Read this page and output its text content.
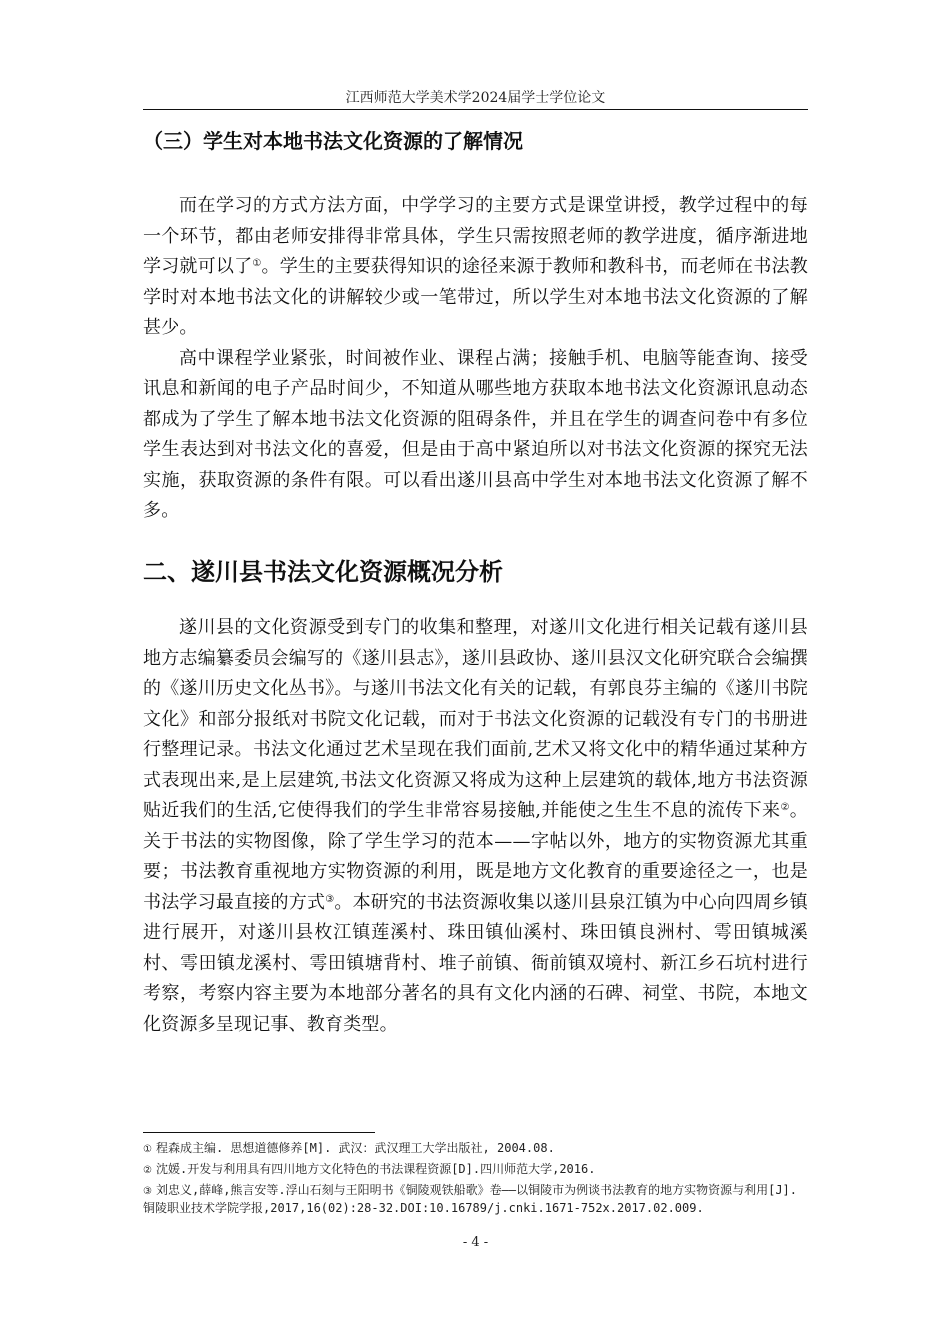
江西师范大学美术学2024届学士学位论文
（三）学生对本地书法文化资源的了解情况

而在学习的方式方法方面，中学学习的主要方式是课堂讲授，教学过程中的每一个环节，都由老师安排得非常具体，学生只需按照老师的教学进度，循序渐进地学习就可以了①。学生的主要获得知识的途径来源于教师和教科书，而老师在书法教学时对本地书法文化的讲解较少或一笔带过，所以学生对本地书法文化资源的了解甚少。

高中课程学业紧张，时间被作业、课程占满；接触手机、电脑等能查询、接受讯息和新闻的电子产品时间少，不知道从哪些地方获取本地书法文化资源讯息动态都成为了学生了解本地书法文化资源的阻碍条件，并且在学生的调查问卷中有多位学生表达到对书法文化的喜爱，但是由于高中紧迫所以对书法文化资源的探究无法实施，获取资源的条件有限。可以看出遂川县高中学生对本地书法文化资源了解不多。

二、遂川县书法文化资源概况分析

遂川县的文化资源受到专门的收集和整理，对遂川文化进行相关记载有遂川县地方志编纂委员会编写的《遂川县志》，遂川县政协、遂川县汉文化研究联合会编撰的《遂川历史文化丛书》。与遂川书法文化有关的记载，有郭良芬主编的《遂川书院文化》和部分报纸对书院文化记载，而对于书法文化资源的记载没有专门的书册进行整理记录。书法文化通过艺术呈现在我们面前,艺术又将文化中的精华通过某种方式表现出来,是上层建筑,书法文化资源又将成为这种上层建筑的载体,地方书法资源贴近我们的生活,它使得我们的学生非常容易接触,并能使之生生不息的流传下来②。关于书法的实物图像，除了学生学习的范本——字帖以外，地方的实物资源尤其重要；书法教育重视地方实物资源的利用，既是地方文化教育的重要途径之一，也是书法学习最直接的方式③。本研究的书法资源收集以遂川县泉江镇为中心向四周乡镇进行展开，对遂川县枚江镇莲溪村、珠田镇仙溪村、珠田镇良洲村、雩田镇城溪村、雩田镇龙溪村、雩田镇塘背村、堆子前镇、衙前镇双境村、新江乡石坑村进行考察，考察内容主要为本地部分著名的具有文化内涵的石碑、祠堂、书院，本地文化资源多呈现记事、教育类型。

① 程森成主编. 思想道德修养[M]. 武汉：武汉理工大学出版社, 2004.08.
② 沈媛.开发与利用具有四川地方文化特色的书法课程资源[D].四川师范大学,2016.
③ 刘忠义,薛峰,熊言安等.浮山石刻与王阳明书《铜陵观铁船歌》卷——以铜陵市为例谈书法教育的地方实物资源与利用[J].铜陵职业技术学院学报,2017,16(02):28-32.DOI:10.16789/j.cnki.1671-752x.2017.02.009.
- 4 -
